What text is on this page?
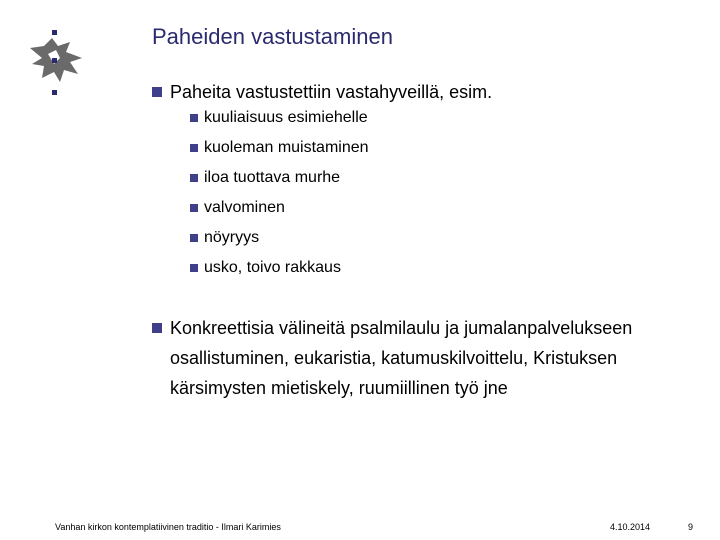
Paheiden vastustaminen
Paheita vastustettiin vastahyveillä, esim.
kuuliaisuus esimiehelle
kuoleman muistaminen
iloa tuottava murhe
valvominen
nöyryys
usko, toivo rakkaus
Konkreettisia välineitä psalmilaulu ja jumalanpalvelukseen osallistuminen, eukaristia, katumuskilvoittelu, Kristuksen kärsimysten mietiskely, ruumiillinen työ jne
Vanhan kirkon kontemplatiivinen traditio - Ilmari Karimies	4.10.2014	9
